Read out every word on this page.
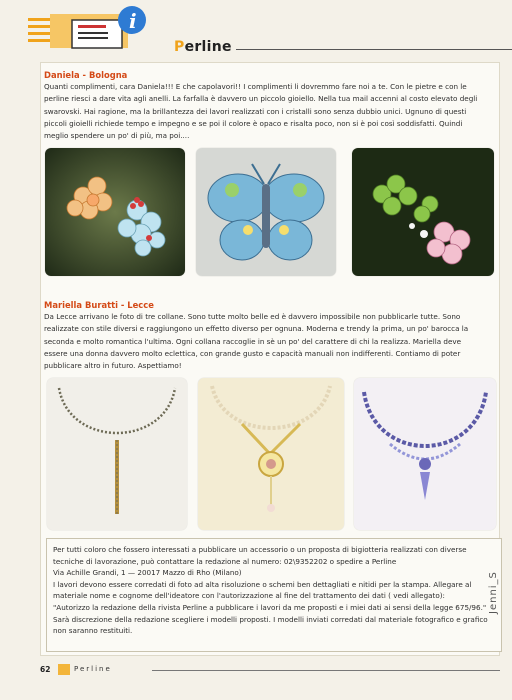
i
Perline
Daniela - Bologna
Quanti complimenti, cara Daniela!!! E che capolavori!! I complimenti li dovremmo fare noi a te. Con le pietre e con le
perline riesci a dare vita agli anelli. La farfalla è davvero un piccolo gioiello. Nella tua mail accenni al costo elevato degli
swarovski. Hai ragione, ma la brillantezza dei lavori realizzati con i cristalli sono senza dubbio unici. Ugnuno di questi
piccoli gioielli richiede tempo e impegno e se poi il colore è opaco e risalta poco, non si è poi così soddisfatti. Quindi
meglio spendere un po' di più, ma poi....
Mariella Buratti - Lecce
Da Lecce arrivano le foto di tre collane. Sono tutte molto belle ed è davvero impossibile non pubblicarle tutte. Sono
realizzate con stile diversi e raggiungono un effetto diverso per ognuna. Moderna e trendy la prima, un po' barocca la
seconda e molto romantica l'ultima. Ogni collana raccoglie in sè un po' del carattere di chi la realizza. Mariella deve
essere una donna davvero molto eclettica, con grande gusto e capacità manuali non indifferenti. Contiamo di poter
pubblicare altro in futuro. Aspettiamo!
Per tutti coloro che fossero interessati a pubblicare un accessorio o un proposta di bigiotteria realizzati con diverse
tecniche di lavorazione, può contattare la redazione al numero: 02\9352202 o spedire a Perline
Via Achille Grandi, 1 — 20017 Mazzo di Rho (Milano)
I lavori devono essere corredati di foto ad alta risoluzione o schemi ben dettagliati e nitidi per la stampa. Allegare al
materiale nome e cognome dell'ideatore con l'autorizzazione al fine del trattamento dei dati ( vedi allegato):
"Autorizzo la redazione della rivista Perline a pubblicare i lavori da me proposti e i miei dati ai sensi della legge 675/96."
Sarà discrezione della redazione scegliere i modelli proposti. I modelli inviati corredati dal materiale fotografico e grafico
non saranno restituiti.
62	Perline
Jenni_S
